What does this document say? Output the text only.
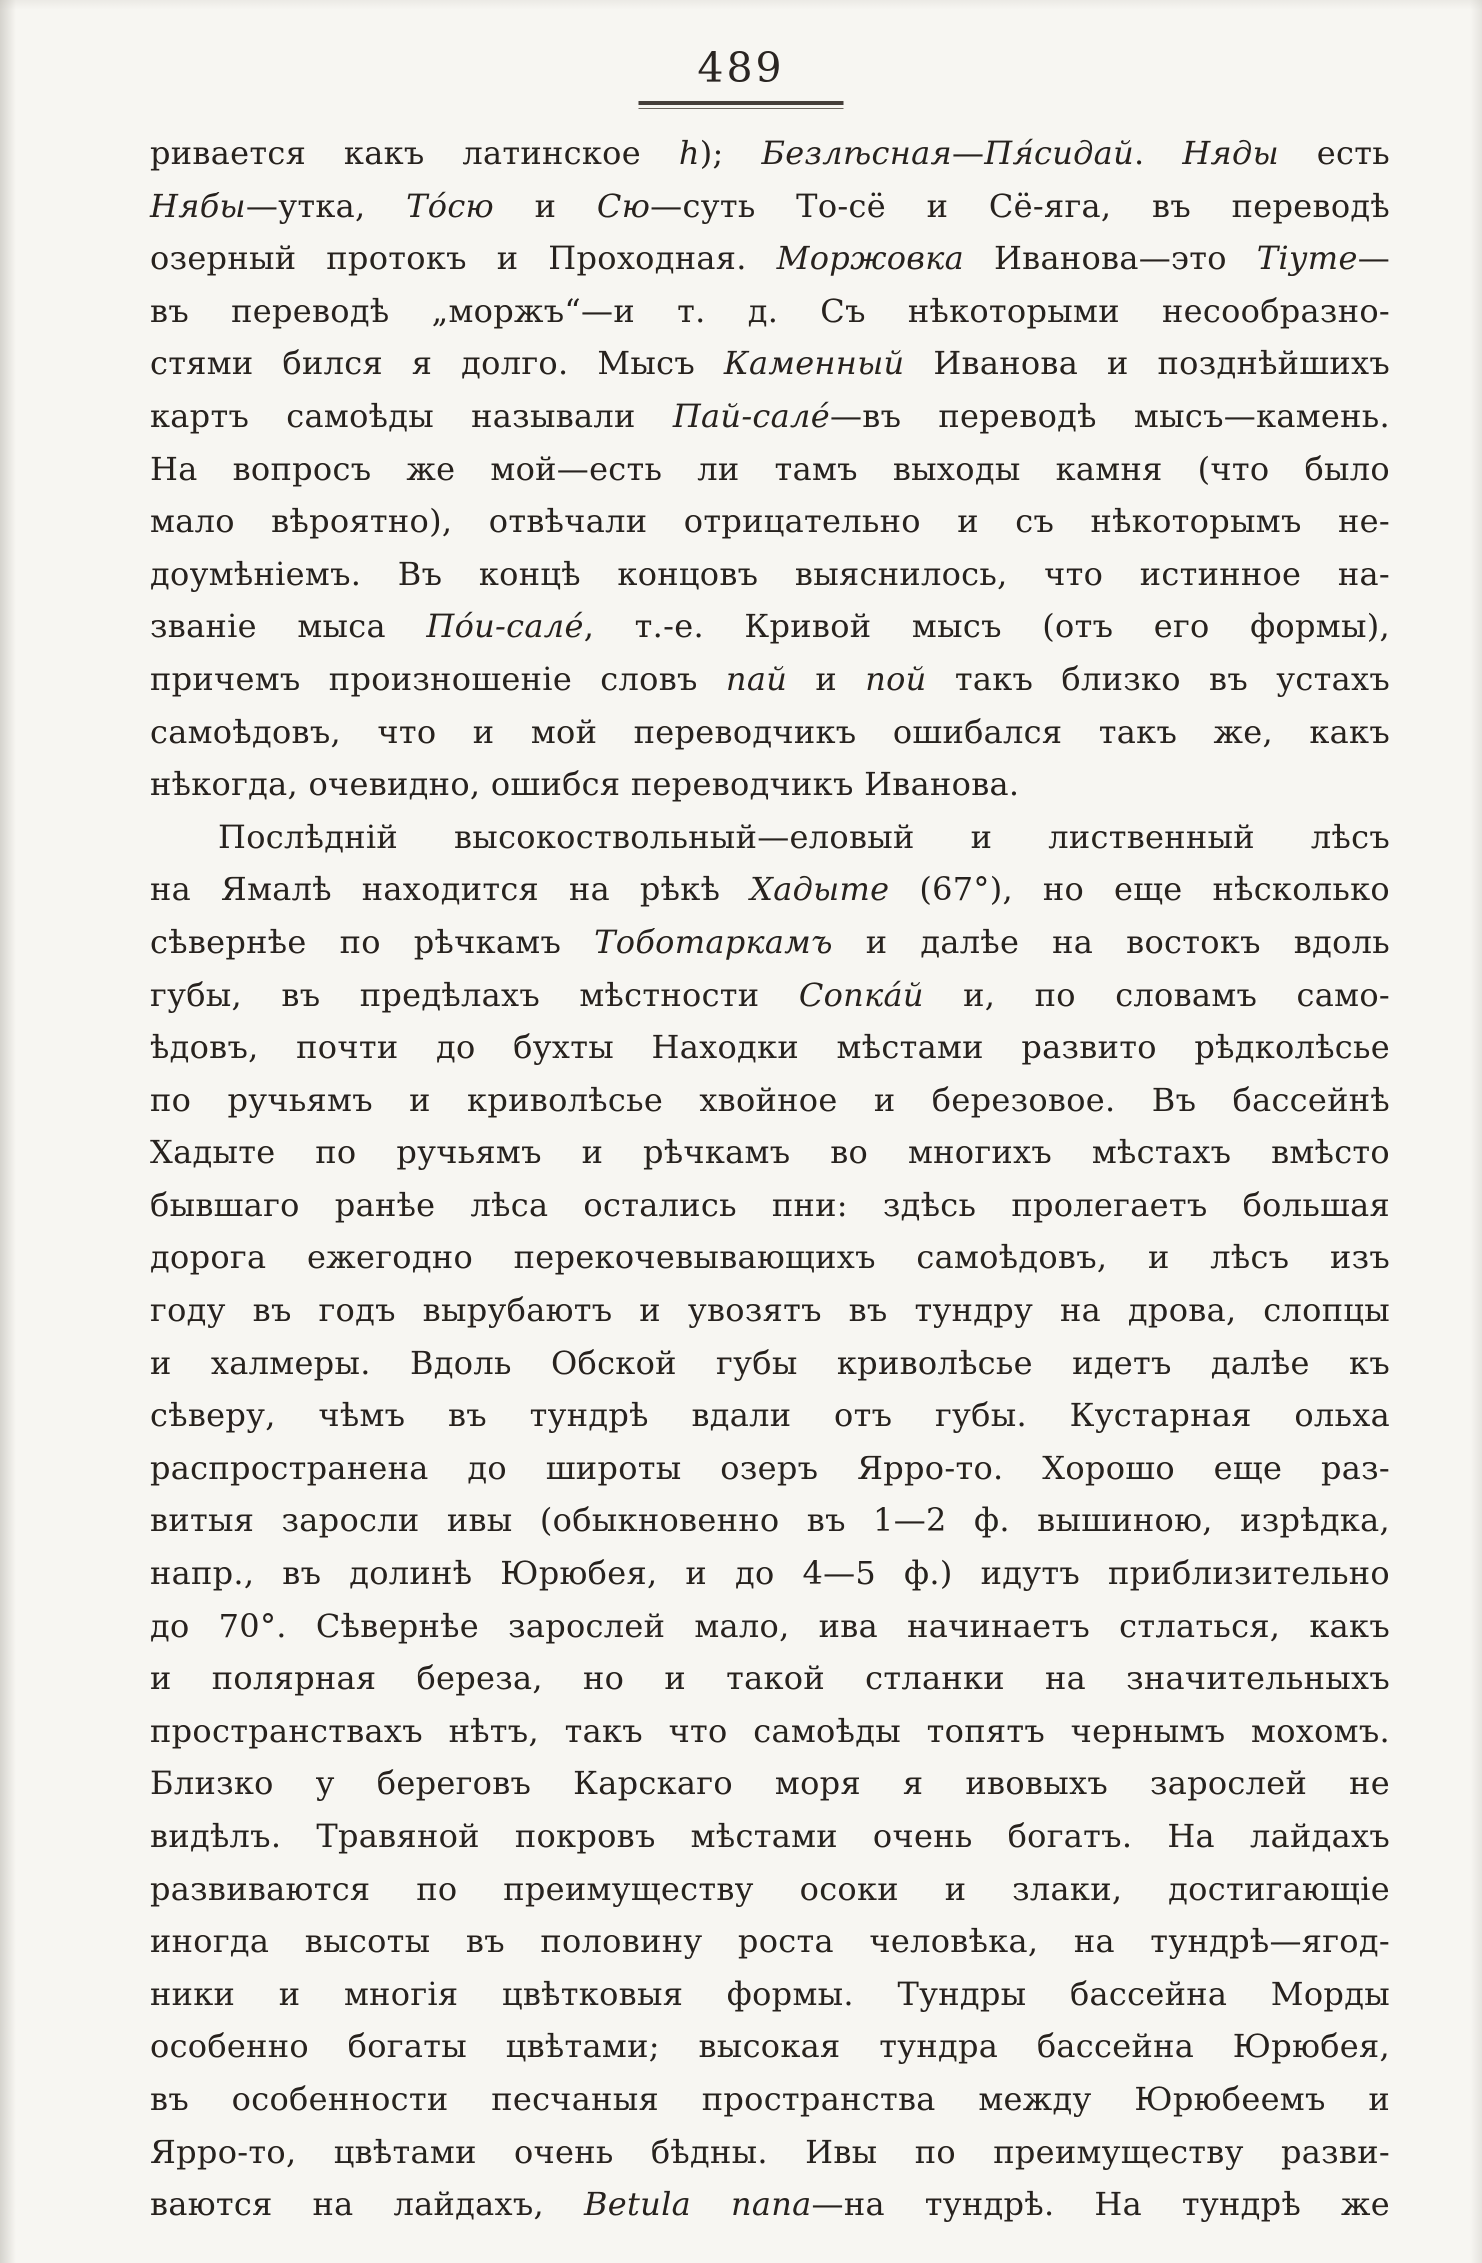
489
ривается какъ латинское h); Безлѣсная—Пя́сидай. Няды есть
Нябы—утка, То́сю и Сю—суть То-сё и Сё-яга, въ переводѣ
озерный протокъ и Проходная. Моржовка Иванова—это Тіуте—
въ переводѣ „моржъ“—и т. д. Съ нѣкоторыми несообразно-
стями бился я долго. Мысъ Каменный Иванова и позднѣйшихъ
картъ самоѣды называли Пай-сале́—въ переводѣ мысъ—камень.
На вопросъ же мой—есть ли тамъ выходы камня (что было
мало вѣроятно), отвѣчали отрицательно и съ нѣкоторымъ не-
доумѣніемъ. Въ концѣ концовъ выяснилось, что истинное на-
званіе мыса По́и-сале́, т.-е. Кривой мысъ (отъ его формы),
причемъ произношеніе словъ пай и пой такъ близко въ устахъ
самоѣдовъ, что и мой переводчикъ ошибался такъ же, какъ
нѣкогда, очевидно, ошибся переводчикъ Иванова.
Послѣдній высокоствольный—еловый и лиственный лѣсъ
на Ямалѣ находится на рѣкѣ Хадыте (67°), но еще нѣсколько
сѣвернѣе по рѣчкамъ Тоботаркамъ и далѣе на востокъ вдоль
губы, въ предѣлахъ мѣстности Сопка́й и, по словамъ само-
ѣдовъ, почти до бухты Находки мѣстами развито рѣдколѣсье
по ручьямъ и криволѣсье хвойное и березовое. Въ бассейнѣ
Хадыте по ручьямъ и рѣчкамъ во многихъ мѣстахъ вмѣсто
бывшаго ранѣе лѣса остались пни: здѣсь пролегаетъ большая
дорога ежегодно перекочевывающихъ самоѣдовъ, и лѣсъ изъ
году въ годъ вырубаютъ и увозятъ въ тундру на дрова, слопцы
и халмеры. Вдоль Обской губы криволѣсье идетъ далѣе къ
сѣверу, чѣмъ въ тундрѣ вдали отъ губы. Кустарная ольха
распространена до широты озеръ Ярро-то. Хорошо еще раз-
витыя заросли ивы (обыкновенно въ 1—2 ф. вышиною, изрѣдка,
напр., въ долинѣ Юрюбея, и до 4—5 ф.) идутъ приблизительно
до 70°. Сѣвернѣе зарослей мало, ива начинаетъ стлаться, какъ
и полярная береза, но и такой стланки на значительныхъ
пространствахъ нѣтъ, такъ что самоѣды топятъ чернымъ мохомъ.
Близко у береговъ Карскаго моря я ивовыхъ зарослей не
видѣлъ. Травяной покровъ мѣстами очень богатъ. На лайдахъ
развиваются по преимуществу осоки и злаки, достигающіе
иногда высоты въ половину роста человѣка, на тундрѣ—ягод-
ники и многія цвѣтковыя формы. Тундры бассейна Морды
особенно богаты цвѣтами; высокая тундра бассейна Юрюбея,
въ особенности песчаныя пространства между Юрюбеемъ и
Ярро-то, цвѣтами очень бѣдны. Ивы по преимуществу разви-
ваются на лайдахъ, Betula nana—на тундрѣ. На тундрѣ же
